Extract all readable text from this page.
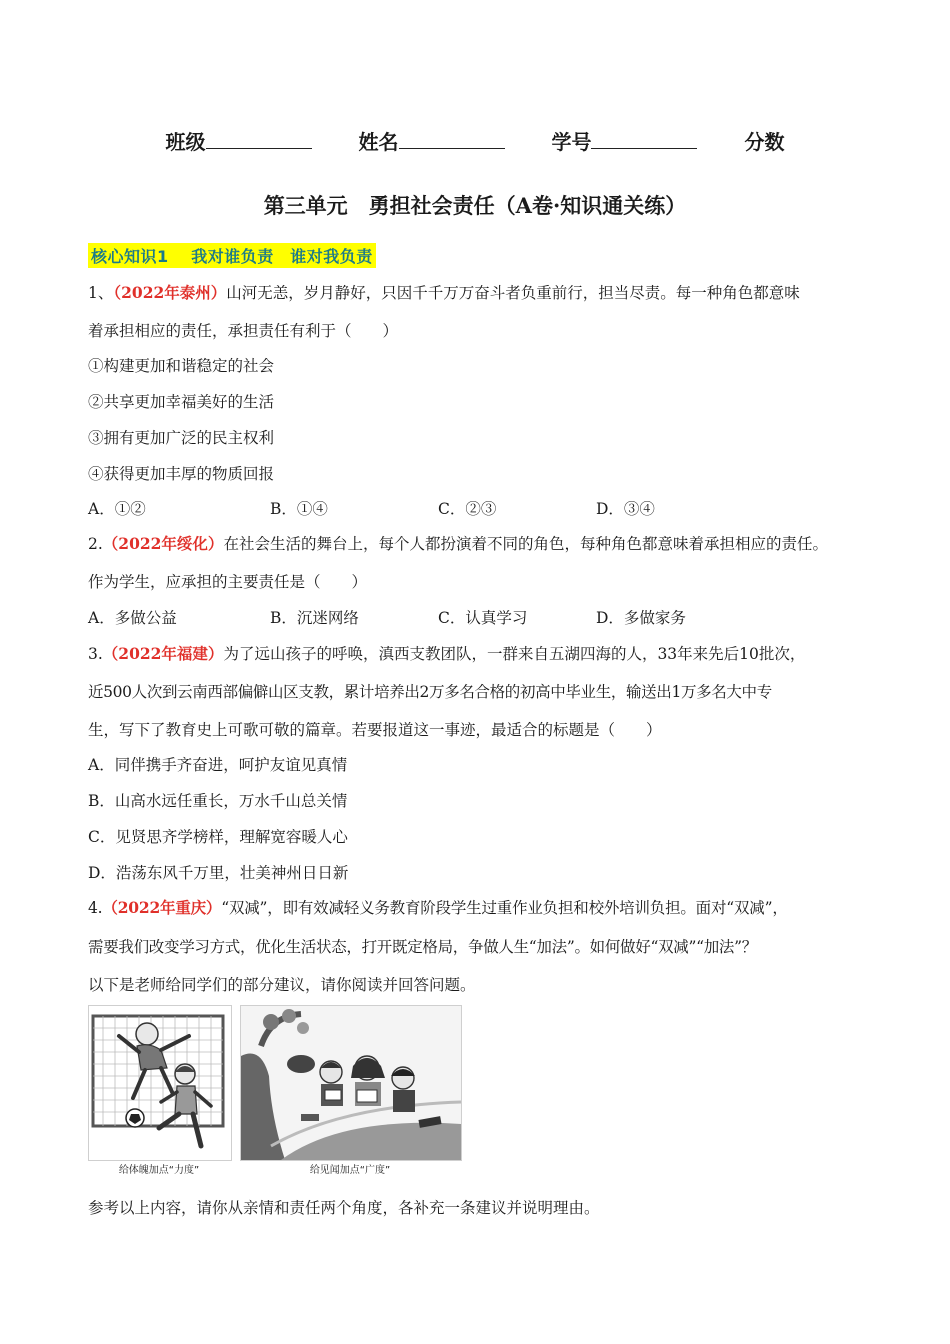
班级	姓名	学号	分数
第三单元　勇担社会责任（A卷·知识通关练）
核心知识1　 我对谁负责　谁对我负责
1、（2022年泰州）山河无恙，岁月静好，只因千千万万奋斗者负重前行，担当尽责。每一种角色都意味
着承担相应的责任，承担责任有利于（　　）
①构建更加和谐稳定的社会
②共享更加幸福美好的生活
③拥有更加广泛的民主权利
④获得更加丰厚的物质回报
A．①②	B．①④	C．②③	D．③④
2.（2022年绥化）在社会生活的舞台上，每个人都扮演着不同的角色，每种角色都意味着承担相应的责任。
作为学生，应承担的主要责任是（　　）
A．多做公益	B．沉迷网络	C．认真学习	D．多做家务
3.（2022年福建）为了远山孩子的呼唤，滇西支教团队，一群来自五湖四海的人，33年来先后10批次，
近500人次到云南西部偏僻山区支教，累计培养出2万多名合格的初高中毕业生，输送出1万多名大中专
生，写下了教育史上可歌可敬的篇章。若要报道这一事迹，最适合的标题是（　　）
A．同伴携手齐奋进，呵护友谊见真情
B．山高水远任重长，万水千山总关情
C．见贤思齐学榜样，理解宽容暖人心
D．浩荡东风千万里，壮美神州日日新
4.（2022年重庆）“双减”，即有效减轻义务教育阶段学生过重作业负担和校外培训负担。面对“双减”，
需要我们改变学习方式，优化生活状态，打开既定格局，争做人生“加法”。如何做好“双减”“加法”？
以下是老师给同学们的部分建议，请你阅读并回答问题。
给体魄加点“力度”	给见闻加点“广度”
参考以上内容，请你从亲情和责任两个角度，各补充一条建议并说明理由。
